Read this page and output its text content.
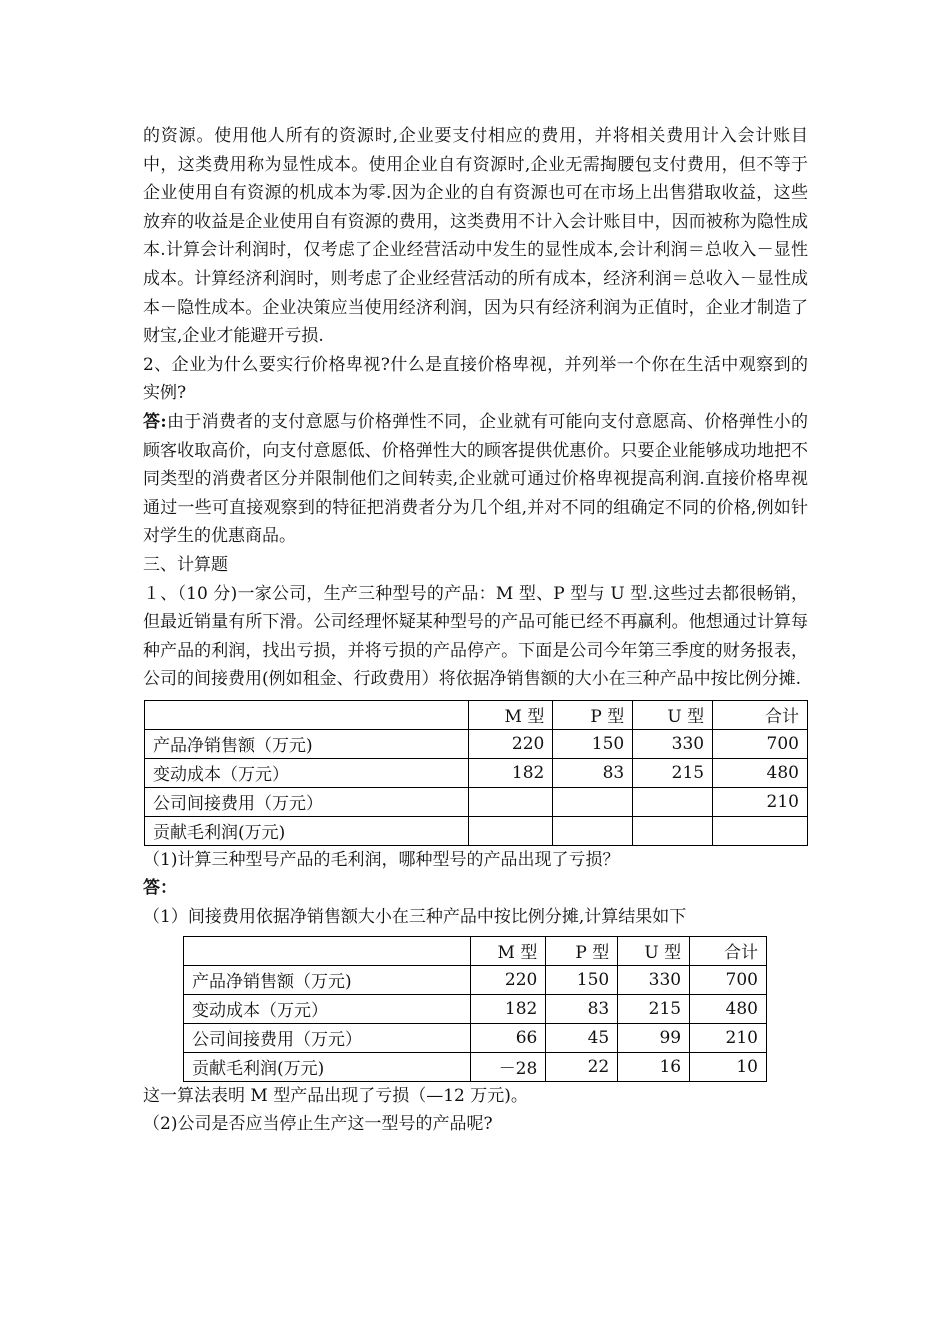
的资源。使用他人所有的资源时,企业要支付相应的费用，并将相关费用计入会计账目中，这类费用称为显性成本。使用企业自有资源时,企业无需掏腰包支付费用，但不等于企业使用自有资源的机成本为零.因为企业的自有资源也可在市场上出售猎取收益，这些放弃的收益是企业使用自有资源的费用，这类费用不计入会计账目中，因而被称为隐性成本.计算会计利润时，仅考虑了企业经营活动中发生的显性成本,会计利润＝总收入－显性成本。计算经济利润时，则考虑了企业经营活动的所有成本，经济利润＝总收入－显性成本－隐性成本。企业决策应当使用经济利润，因为只有经济利润为正值时，企业才制造了财宝,企业才能避开亏损.

2、企业为什么要实行价格卑视?什么是直接价格卑视，并列举一个你在生活中观察到的实例?

答:由于消费者的支付意愿与价格弹性不同，企业就有可能向支付意愿高、价格弹性小的顾客收取高价，向支付意愿低、价格弹性大的顾客提供优惠价。只要企业能够成功地把不同类型的消费者区分并限制他们之间转卖,企业就可通过价格卑视提高利润.直接价格卑视通过一些可直接观察到的特征把消费者分为几个组,并对不同的组确定不同的价格,例如针对学生的优惠商品。

三、计算题

１、（10 分)一家公司，生产三种型号的产品：M 型、P 型与 U 型.这些过去都很畅销，但最近销量有所下滑。公司经理怀疑某种型号的产品可能已经不再赢利。他想通过计算每种产品的利润，找出亏损，并将亏损的产品停产。下面是公司今年第三季度的财务报表，公司的间接费用(例如租金、行政费用）将依据净销售额的大小在三种产品中按比例分摊.

	M 型	P 型	U 型	合计
产品净销售额（万元)	220	150	330	700
变动成本（万元）	182	83	215	480
公司间接费用（万元）				210
贡献毛利润(万元)				

（1)计算三种型号产品的毛利润，哪种型号的产品出现了亏损？

答：

（1）间接费用依据净销售额大小在三种产品中按比例分摊,计算结果如下

	M 型	P 型	U 型	合计
产品净销售额（万元)	220	150	330	700
变动成本（万元）	182	83	215	480
公司间接费用（万元）	66	45	99	210
贡献毛利润(万元)	－28	22	16	10

这一算法表明 M 型产品出现了亏损（—12 万元)。

（2)公司是否应当停止生产这一型号的产品呢?
